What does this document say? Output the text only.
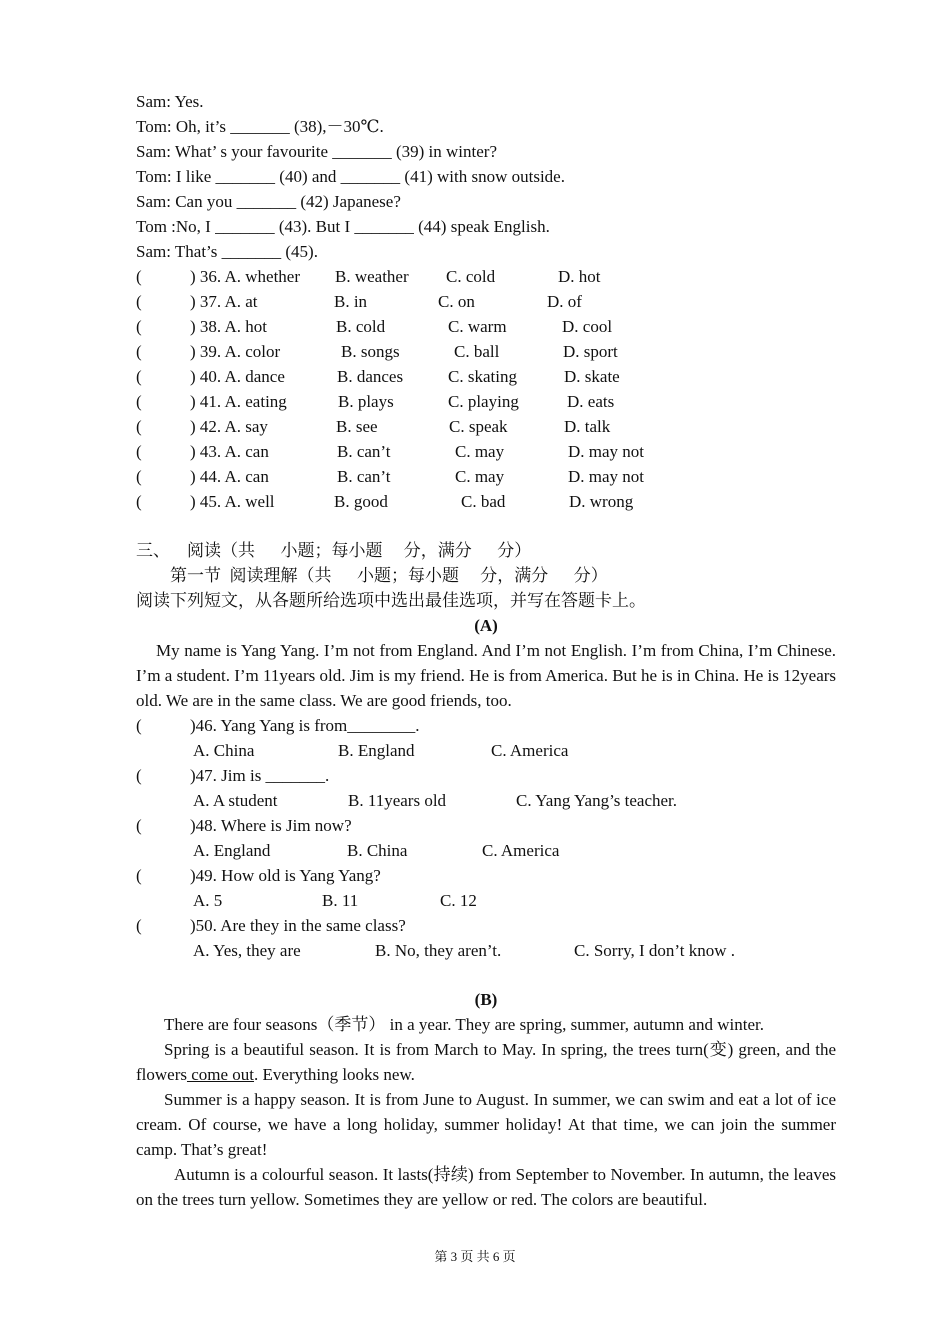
Sam: Yes.
Tom: Oh, it’s _______ (38),－30℃.
Sam: What’ s your favourite _______ (39) in winter?
Tom: I like _______ (40) and _______ (41) with snow outside.
Sam: Can you _______ (42) Japanese?
Tom :No, I _______ (43). But I _______ (44) speak English.
Sam: That’s _______ (45).
(	) 36. A. whether B. weather C. cold	D. hot
(	) 37. A. at	B. in	C. on	D. of
(	) 38. A. hot	B. cold	C. warm	D. cool
(	) 39. A. color	B. songs	C. ball	D. sport
(	) 40. A. dance	B. dances	C. skating	D. skate
(	) 41. A. eating	B. plays	C. playing	D. eats
(	) 42. A. say	B. see	C. speak	D. talk
(	) 43. A. can	B. can’t	C. may	D. may not
(	) 44. A. can	B. can’t	C. may	D. may not
(	) 45. A. well	B. good	C. bad	D. wrong
三、    阅读（共      小题；每小题     分，满分      分）
第一节  阅读理解（共      小题；每小题     分，满分      分）
阅读下列短文，从各题所给选项中选出最佳选项，并写在答题卡上。
(A)
My name is Yang Yang. I’m not from England. And I’m not English. I’m from China, I’m Chinese. I’m a student. I’m 11years old. Jim is my friend. He is from America. But he is in China. He is 12years old. We are in the same class. We are good friends, too.
(	)46. Yang Yang is from________.
A. China	B. England	C. America
(	)47. Jim is _______.
A. A student	B. 11years old	C. Yang Yang’s teacher.
(	)48. Where is Jim now?
A. England	B. China	C. America
(	)49. How old is Yang Yang?
A. 5	B. 11	C. 12
(	)50. Are they in the same class?
A. Yes, they are	B. No, they aren’t.	C. Sorry, I don’t know .
(B)
There are four seasons（季节） in a year. They are spring, summer, autumn and winter.
Spring is a beautiful season. It is from March to May. In spring, the trees turn(变) green, and the flowers come out. Everything looks new.
Summer is a happy season. It is from June to August. In summer, we can swim and eat a lot of ice cream. Of course, we have a long holiday, summer holiday! At that time, we can join the summer camp. That’s great!
Autumn is a colourful season. It lasts(持续) from September to November. In autumn, the leaves on the trees turn yellow. Sometimes they are yellow or red. The colors are beautiful.
第 3 页 共 6 页
